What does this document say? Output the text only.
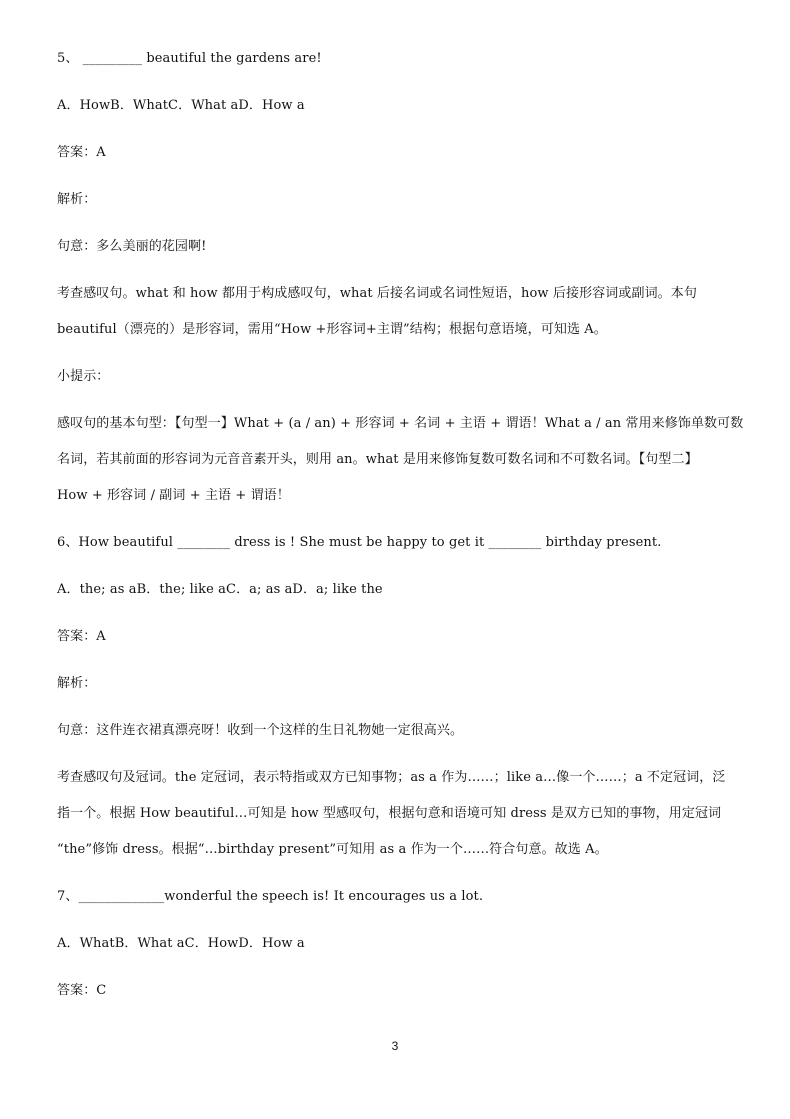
5、 _________ beautiful the gardens are!
A．HowB．WhatC．What aD．How a
答案：A
解析：
句意：多么美丽的花园啊!
考查感叹句。what 和 how 都用于构成感叹句，what 后接名词或名词性短语，how 后接形容词或副词。本句
beautiful（漂亮的）是形容词，需用“How +形容词+主谓”结构；根据句意语境，可知选 A。
小提示：
感叹句的基本句型：【句型一】What + (a / an) + 形容词 + 名词 + 主语 + 谓语！What a / an 常用来修饰单数可数
名词，若其前面的形容词为元音音素开头，则用 an。what 是用来修饰复数可数名词和不可数名词。【句型二】
How + 形容词 / 副词 + 主语 + 谓语！
6、How beautiful ________ dress is ! She must be happy to get it ________ birthday present.
A．the; as aB．the; like aC．a; as aD．a; like the
答案：A
解析：
句意：这件连衣裙真漂亮呀！收到一个这样的生日礼物她一定很高兴。
考查感叹句及冠词。the 定冠词，表示特指或双方已知事物；as a 作为……；like a…像一个……；a 不定冠词，泛
指一个。根据 How beautiful…可知是 how 型感叹句，根据句意和语境可知 dress 是双方已知的事物，用定冠词
“the”修饰 dress。根据“…birthday present”可知用 as a 作为一个……符合句意。故选 A。
7、_____________wonderful the speech is! It encourages us a lot.
A．WhatB．What aC．HowD．How a
答案：C
3
